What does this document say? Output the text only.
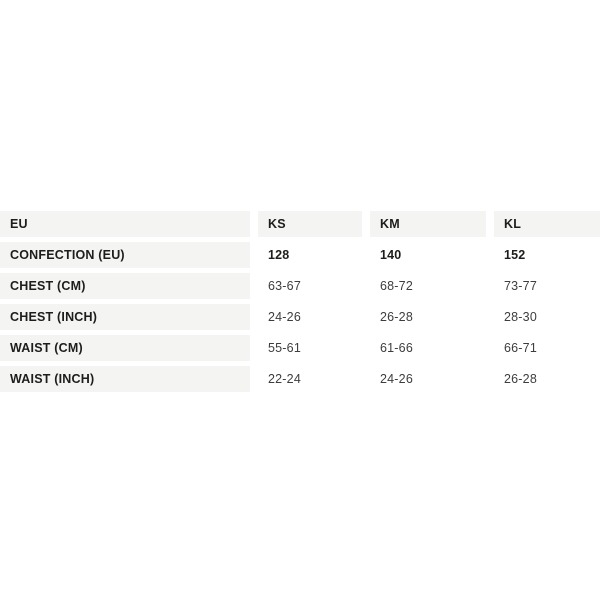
EU	KS	KM	KL
CONFECTION (EU)	128	140	152
CHEST (CM)	63-67	68-72	73-77
CHEST (INCH)	24-26	26-28	28-30
WAIST (CM)	55-61	61-66	66-71
WAIST (INCH)	22-24	24-26	26-28
